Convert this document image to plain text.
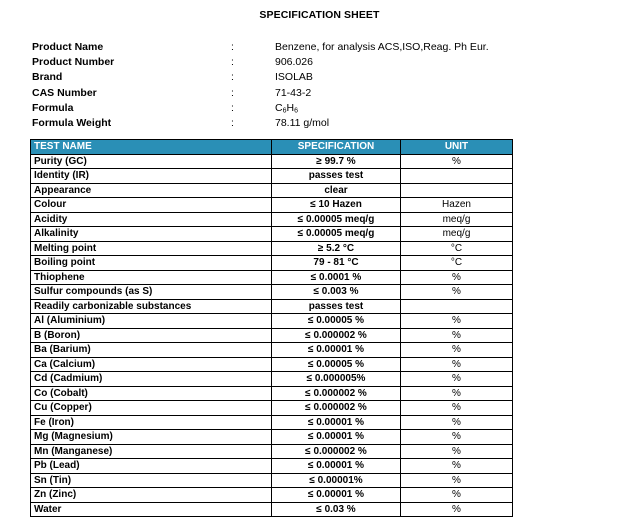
SPECIFICATION SHEET
Product Name	:	Benzene, for analysis ACS,ISO,Reag. Ph Eur.
Product Number	:	906.026
Brand	:	ISOLAB
CAS Number	:	71-43-2
Formula	:	$C_6H_6$
Formula Weight	:	78.11 g/mol
TEST NAME	SPECIFICATION	UNIT
Purity (GC)	≥ 99.7 %	%
Identity (IR)	passes test	
Appearance	clear	
Colour	≤ 10 Hazen	Hazen
Acidity	≤ 0.00005 meq/g	meq/g
Alkalinity	≤ 0.00005 meq/g	meq/g
Melting point	≥ 5.2 °C	°C
Boiling point	79 - 81 °C	°C
Thiophene	≤ 0.0001 %	%
Sulfur compounds (as S)	≤ 0.003 %	%
Readily carbonizable substances	passes test	
Al (Aluminium)	≤ 0.00005 %	%
B (Boron)	≤ 0.000002 %	%
Ba (Barium)	≤ 0.00001 %	%
Ca (Calcium)	≤ 0.00005 %	%
Cd (Cadmium)	≤ 0.000005%	%
Co (Cobalt)	≤ 0.000002 %	%
Cu (Copper)	≤ 0.000002 %	%
Fe (Iron)	≤ 0.00001 %	%
Mg (Magnesium)	≤ 0.00001 %	%
Mn (Manganese)	≤ 0.000002 %	%
Pb (Lead)	≤ 0.00001 %	%
Sn (Tin)	≤ 0.00001%	%
Zn (Zinc)	≤ 0.00001 %	%
Water	≤ 0.03 %	%
